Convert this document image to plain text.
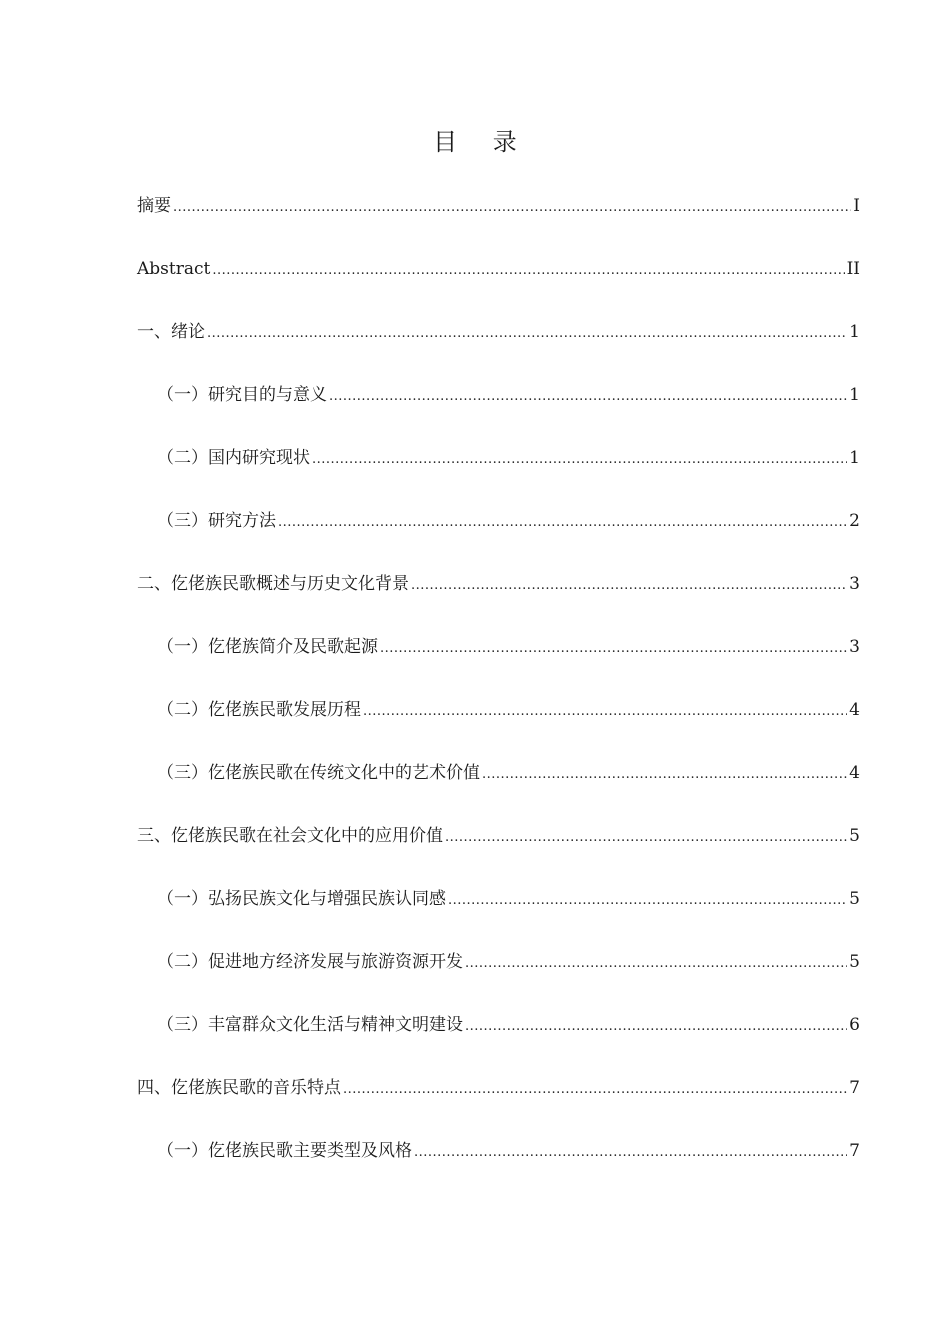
目 录
摘要 .....	I
Abstract .....	II
一、绪论 .....	1
（一）研究目的与意义 .....	1
（二）国内研究现状 .....	1
（三）研究方法 .....	2
二、仡佬族民歌概述与历史文化背景 .....	3
（一）仡佬族简介及民歌起源 .....	3
（二）仡佬族民歌发展历程 .....	4
（三）仡佬族民歌在传统文化中的艺术价值 .....	4
三、仡佬族民歌在社会文化中的应用价值 .....	5
（一）弘扬民族文化与增强民族认同感 .....	5
（二）促进地方经济发展与旅游资源开发 .....	5
（三）丰富群众文化生活与精神文明建设 .....	6
四、仡佬族民歌的音乐特点 .....	7
（一）仡佬族民歌主要类型及风格 .....	7
